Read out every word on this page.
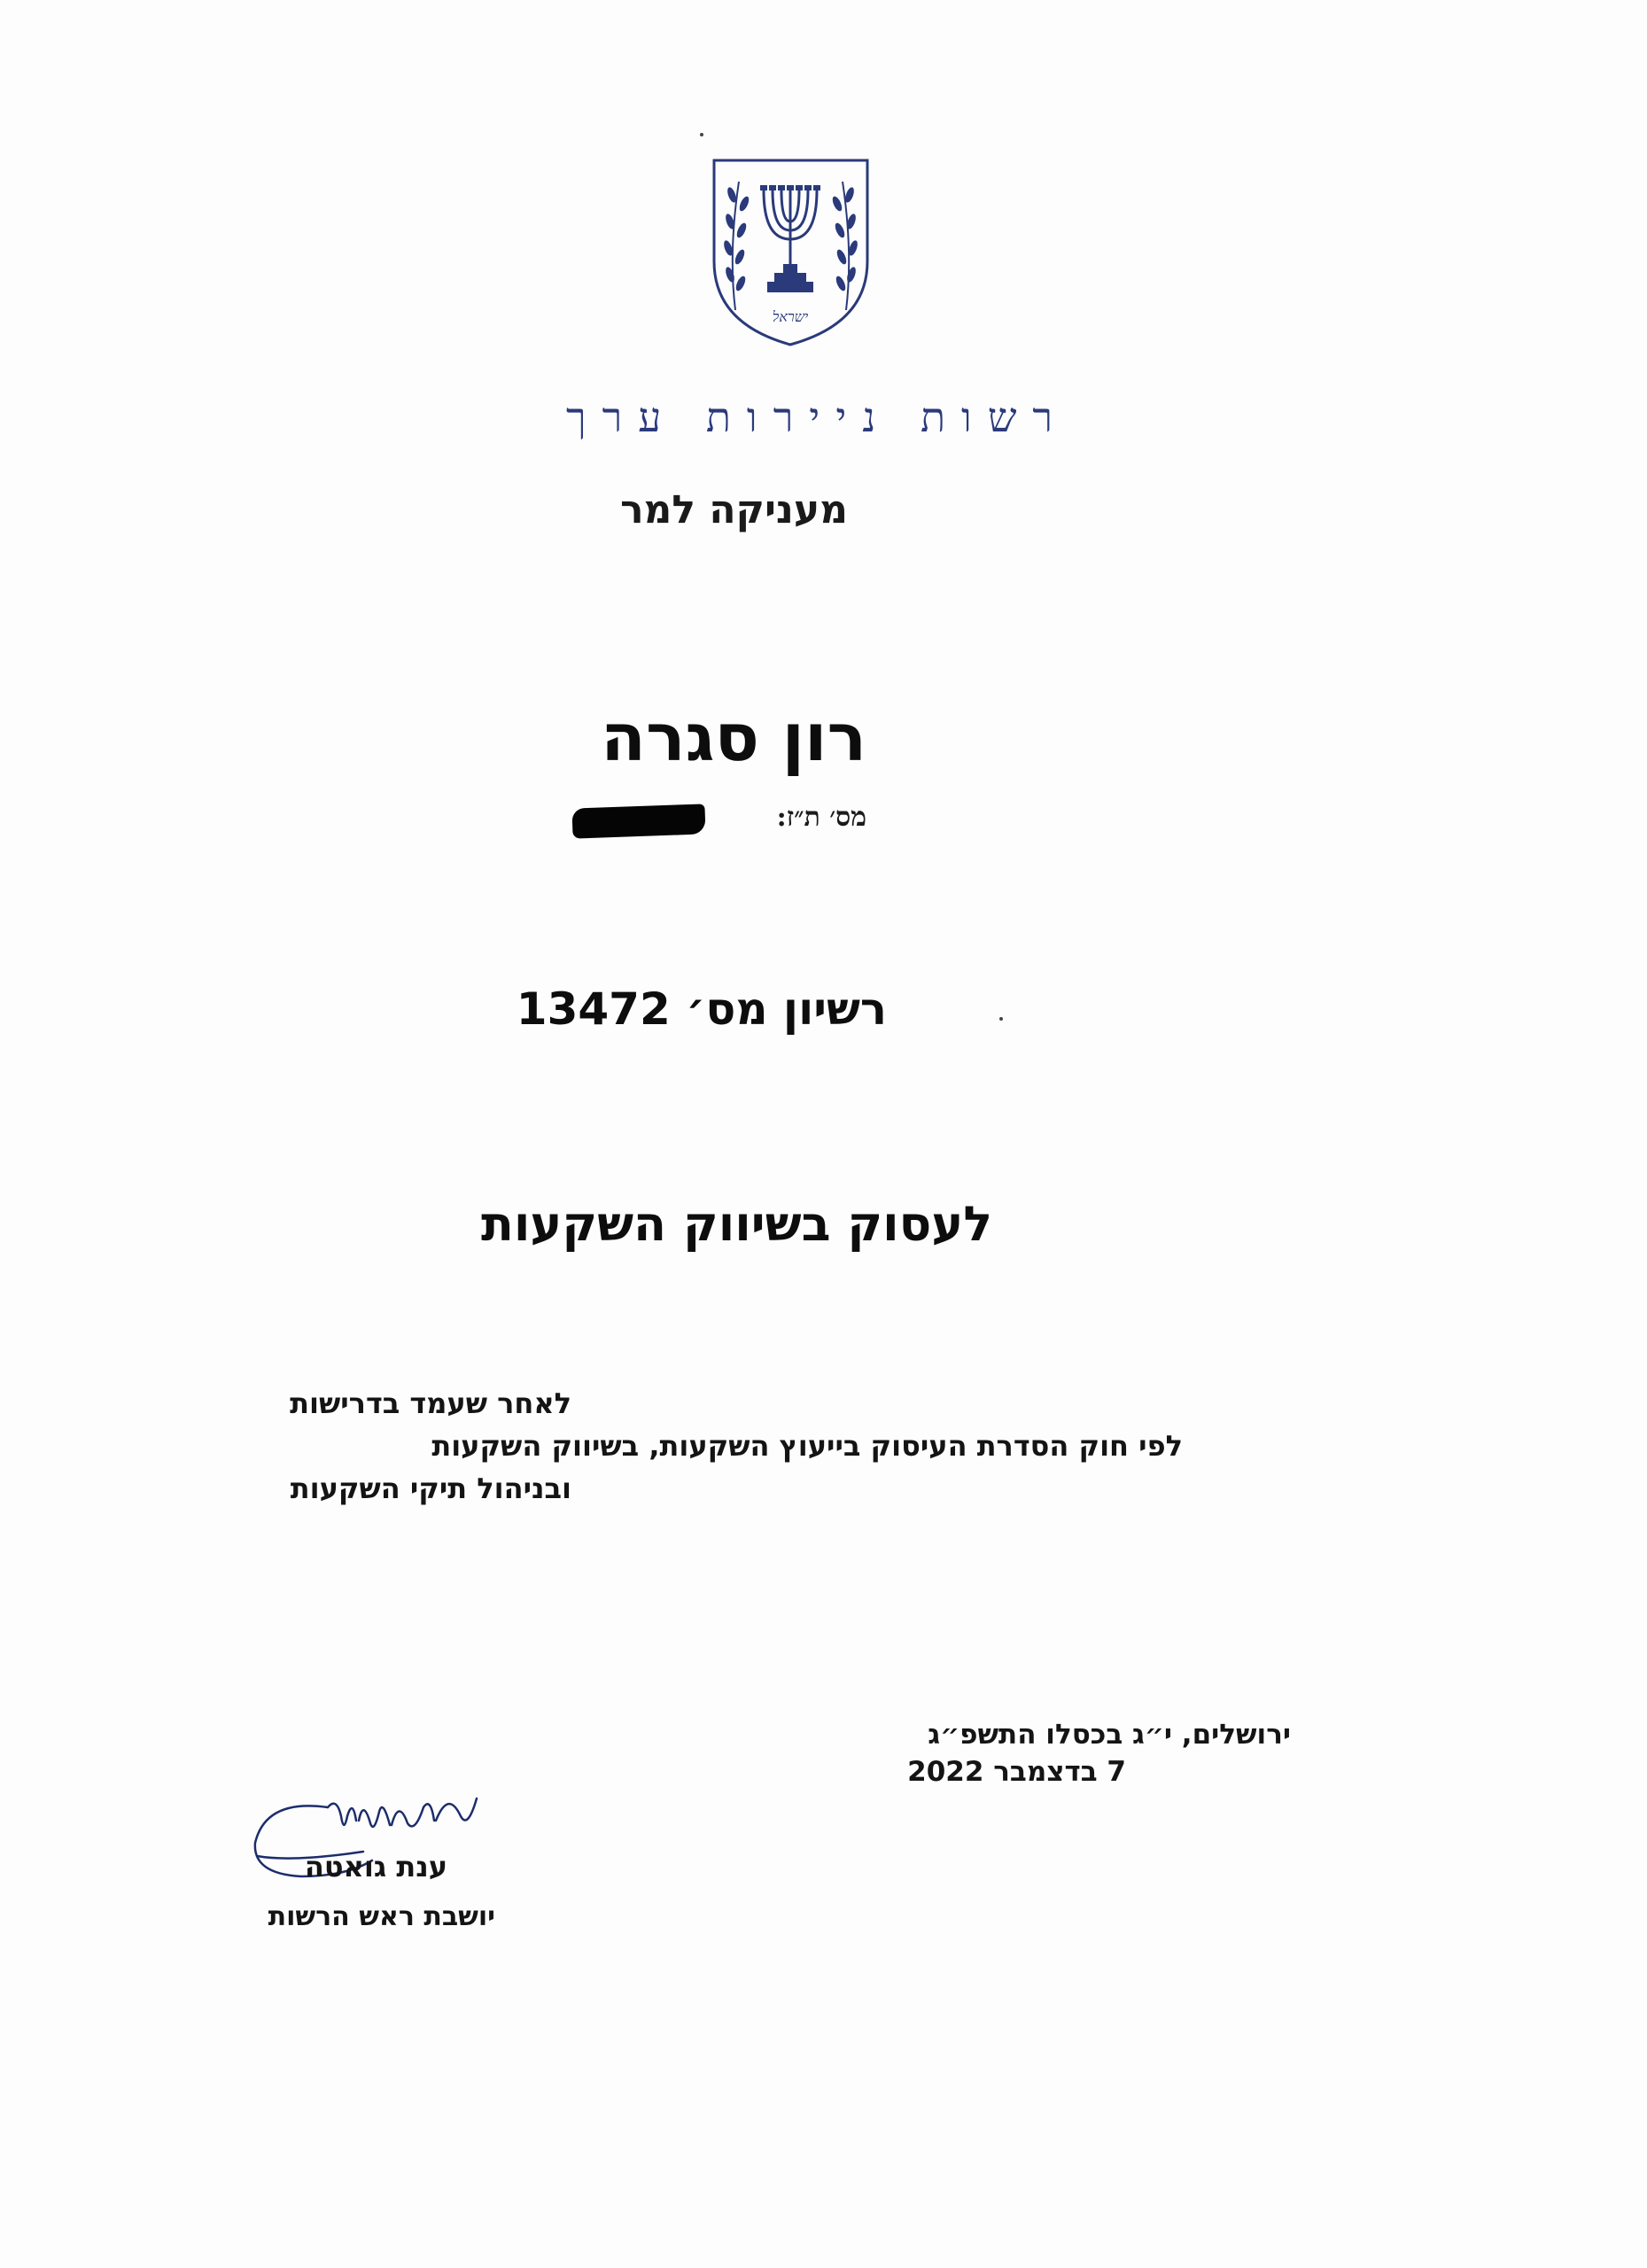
ישראל
רשות ניירות ערך
מעניקה למר
רון סגרה
מס׳ ת״ז:
רשיון מס׳ 13472
לעסוק בשיווק השקעות
לאחר שעמד בדרישות
לפי חוק הסדרת העיסוק בייעוץ השקעות, בשיווק השקעות
ובניהול תיקי השקעות
ירושלים, י״ג בכסלו התשפ״ג
7 בדצמבר 2022
ענת גואטה
יושבת ראש הרשות
